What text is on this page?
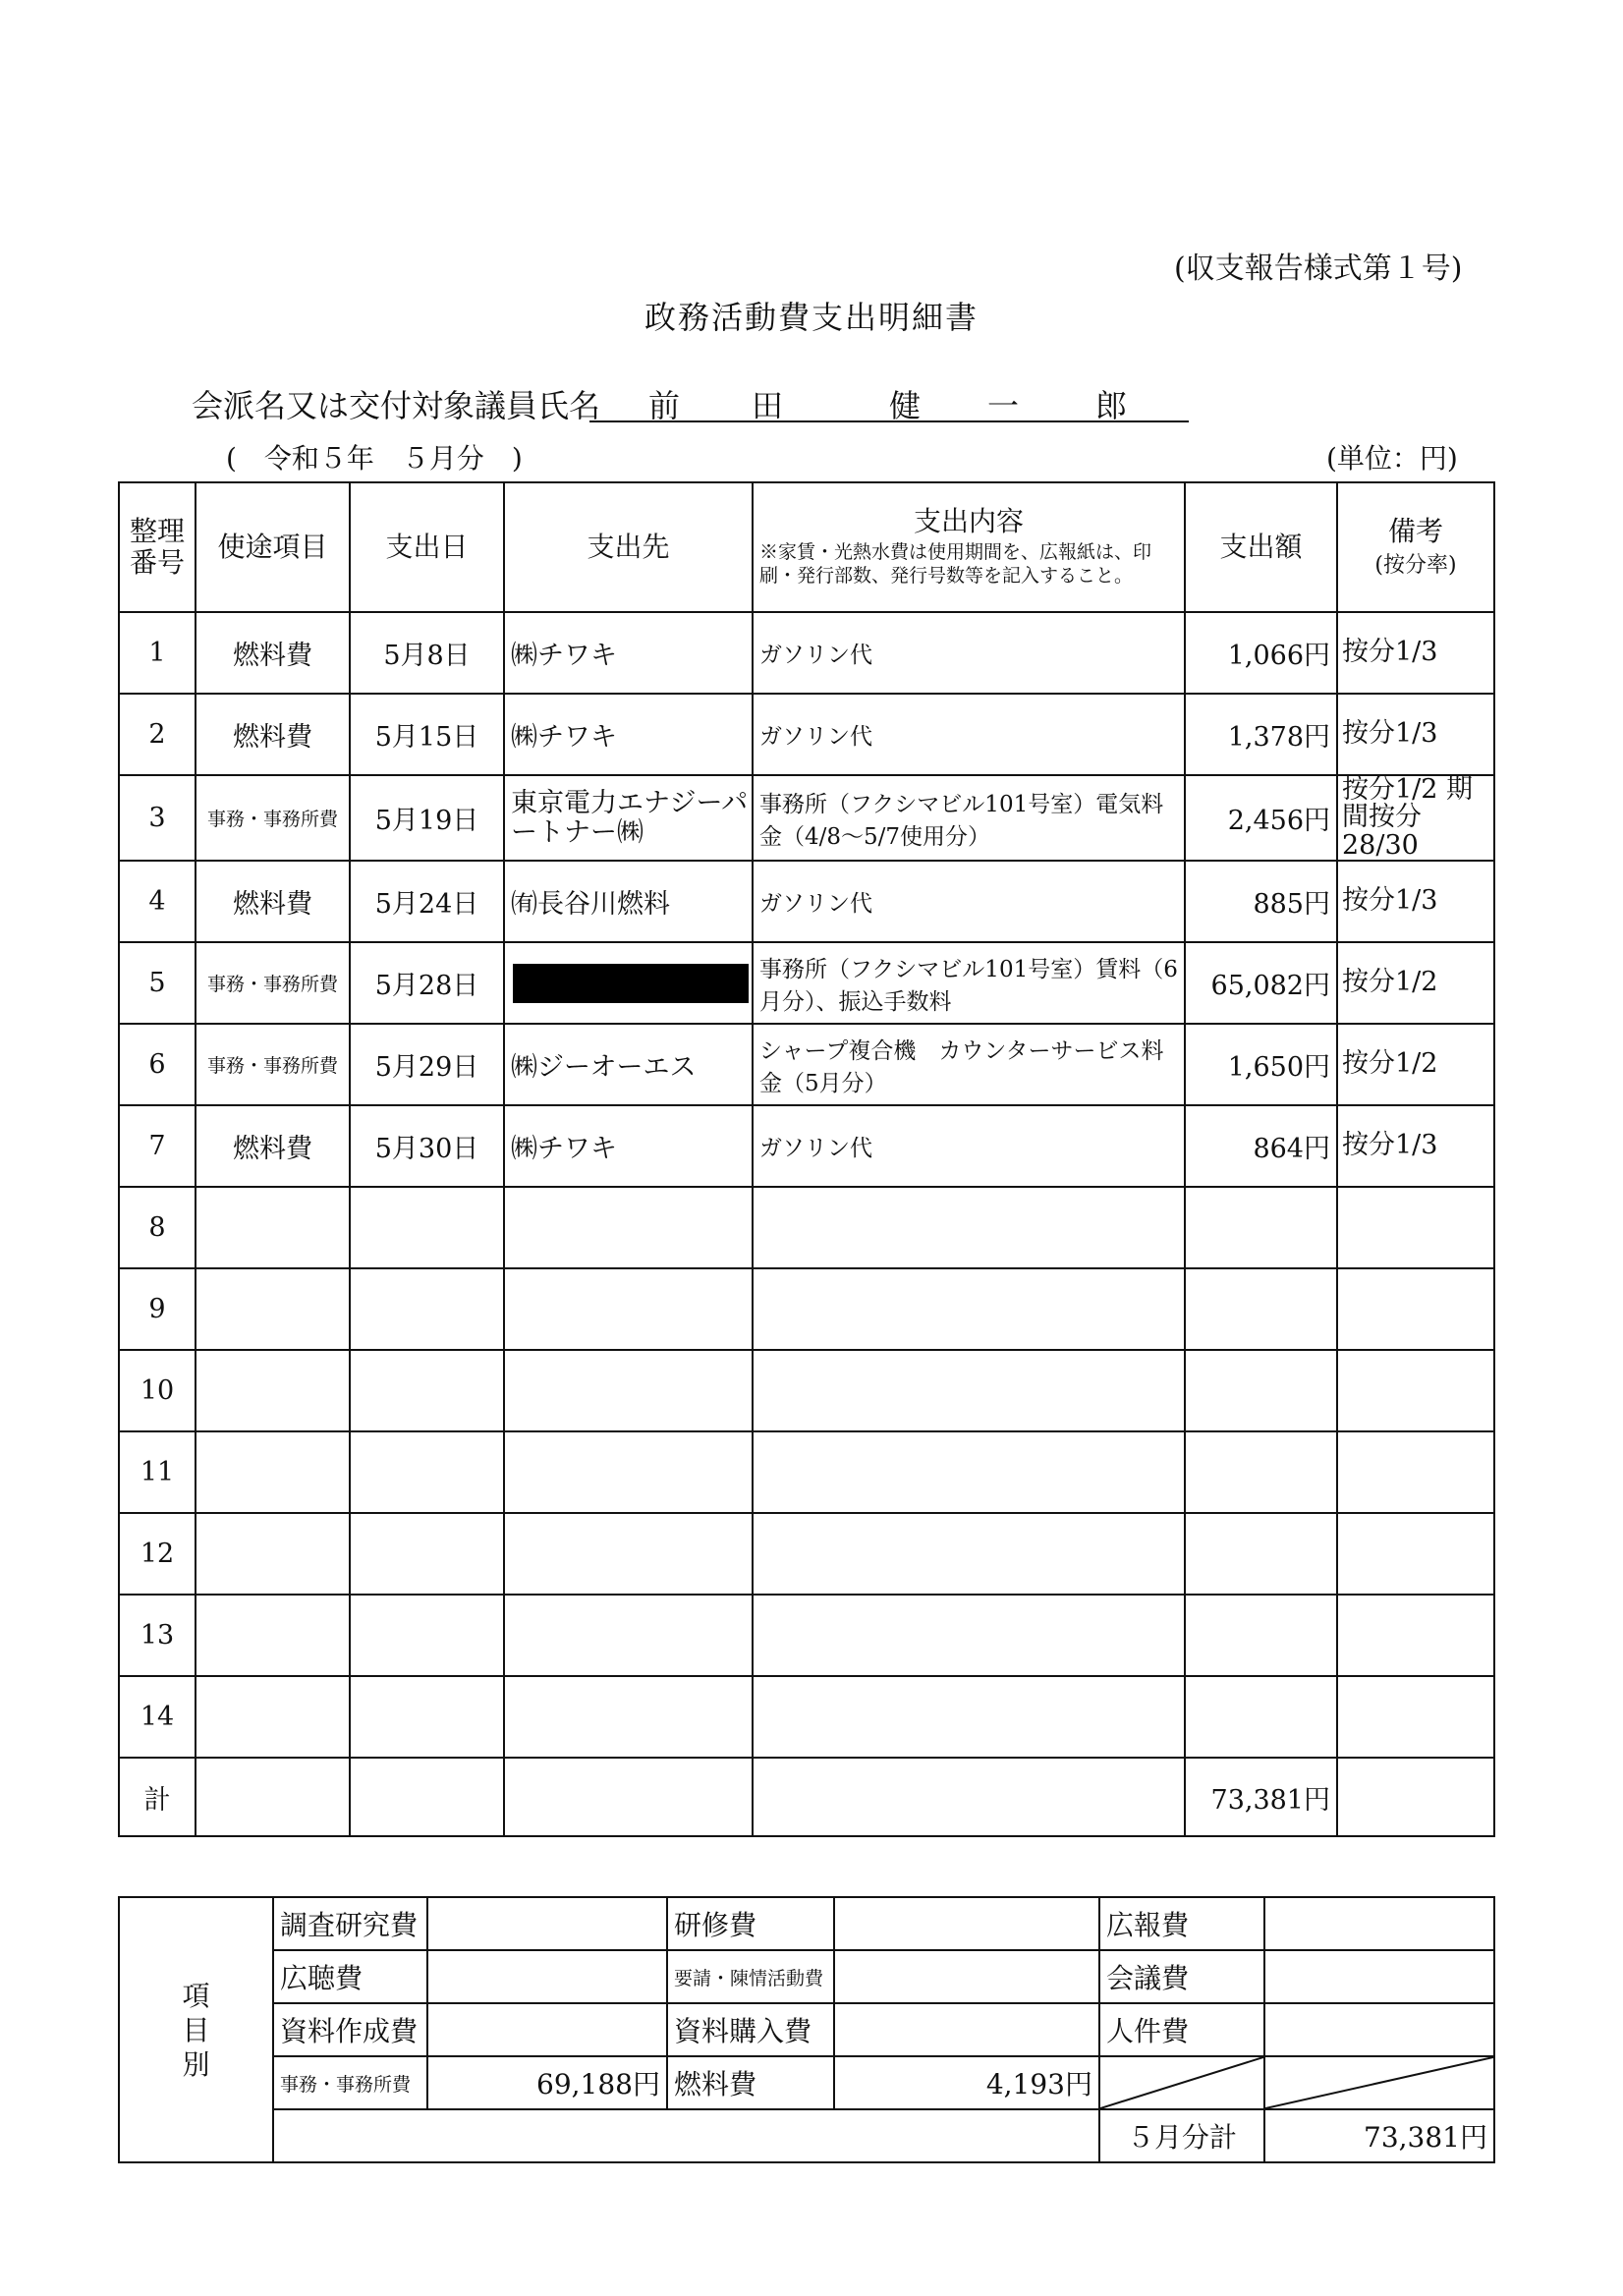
(収支報告様式第１号)
政務活動費支出明細書
会派名又は交付対象議員氏名 前 田	健 一 郎
(　令和５年　５月分　)	(単位：円)
整理
番号	使途項目	支出日	支出先	支出内容
※家賃・光熱水費は使用期間を、広報紙は、印刷・発行部数、発行号数等を記入すること。	支出額	備考
(按分率)
1	燃料費	5月8日	㈱チワキ	ガソリン代	1,066円	按分1/3
2	燃料費	5月15日	㈱チワキ	ガソリン代	1,378円	按分1/3
3	事務・事務所費	5月19日	東京電力エナジーパートナー㈱	事務所（フクシマビル101号室）電気料金（4/8～5/7使用分）	2,456円	按分1/2 期間按分 28/30
4	燃料費	5月24日	㈲長谷川燃料	ガソリン代	885円	按分1/3
5	事務・事務所費	5月28日		事務所（フクシマビル101号室）賃料（6月分）、振込手数料	65,082円	按分1/2
6	事務・事務所費	5月29日	㈱ジーオーエス	シャープ複合機　カウンターサービス料金（5月分）	1,650円	按分1/2
7	燃料費	5月30日	㈱チワキ	ガソリン代	864円	按分1/3
8						
9						
10						
11						
12						
13						
14						
計					73,381円	
項
目
別	調査研究費		研修費		広報費	
	広聴費		要請・陳情活動費		会議費	
	資料作成費		資料購入費		人件費	
	事務・事務所費	69,188円	燃料費	4,193円	

					５月分計	73,381円
